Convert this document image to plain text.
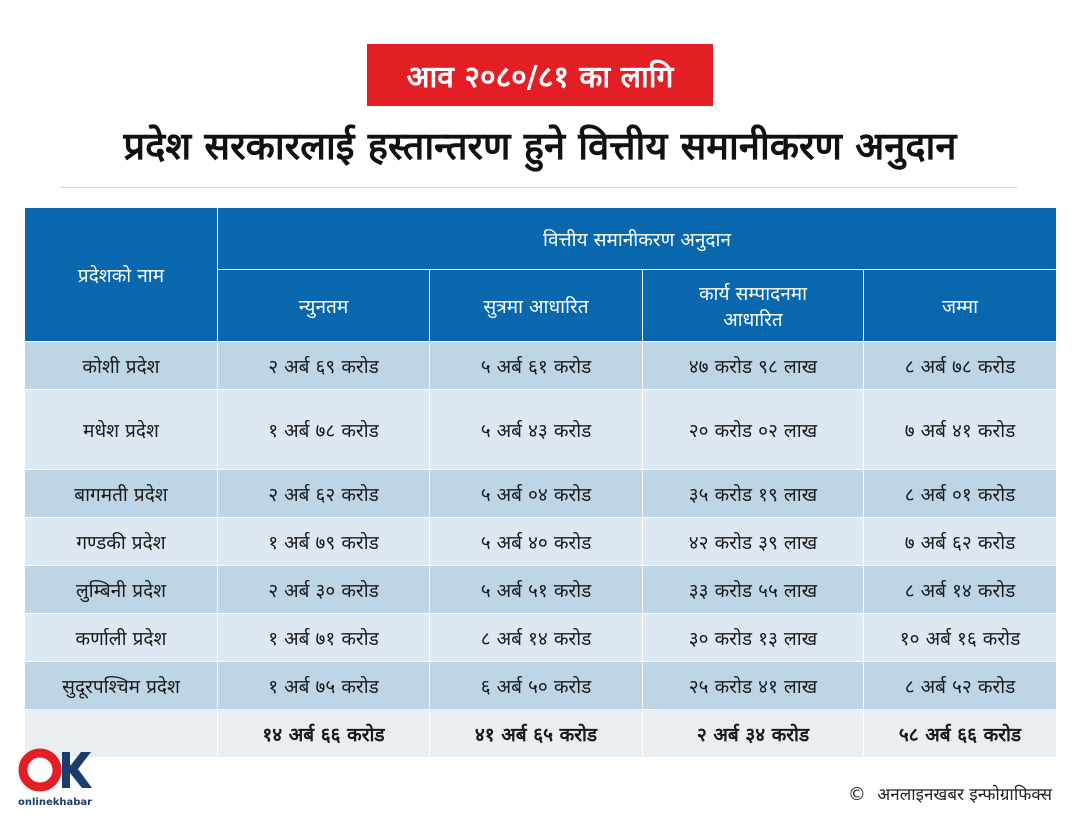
आव २०८०/८१ का लागि
प्रदेश सरकारलाई हस्तान्तरण हुने वित्तीय समानीकरण अनुदान
प्रदेशको नाम	वित्तीय समानीकरण अनुदान			
	न्युनतम	सुत्रमा आधारित	कार्य सम्पादनमा आधारित	जम्मा
कोशी प्रदेश	२ अर्ब ६९ करोड	५ अर्ब ६१ करोड	४७ करोड ९८ लाख	८ अर्ब ७८ करोड
मधेश प्रदेश	१ अर्ब ७८ करोड	५ अर्ब ४३ करोड	२० करोड ०२ लाख	७ अर्ब ४१ करोड
बागमती प्रदेश	२ अर्ब ६२ करोड	५ अर्ब ०४ करोड	३५ करोड १९ लाख	८ अर्ब ०१ करोड
गण्डकी प्रदेश	१ अर्ब ७९ करोड	५ अर्ब ४० करोड	४२ करोड ३९ लाख	७ अर्ब ६२ करोड
लुम्बिनी प्रदेश	२ अर्ब ३० करोड	५ अर्ब ५१ करोड	३३ करोड ५५ लाख	८ अर्ब १४ करोड
कर्णाली प्रदेश	१ अर्ब ७१ करोड	८ अर्ब १४ करोड	३० करोड १३ लाख	१० अर्ब १६ करोड
सुदूरपश्चिम प्रदेश	१ अर्ब ७५ करोड	६ अर्ब ५० करोड	२५ करोड ४१ लाख	८ अर्ब ५२ करोड
	१४ अर्ब ६६ करोड	४१ अर्ब ६५ करोड	२ अर्ब ३४ करोड	५८ अर्ब ६६ करोड
onlinekhabar	© अनलाइनखबर इन्फोग्राफिक्स
